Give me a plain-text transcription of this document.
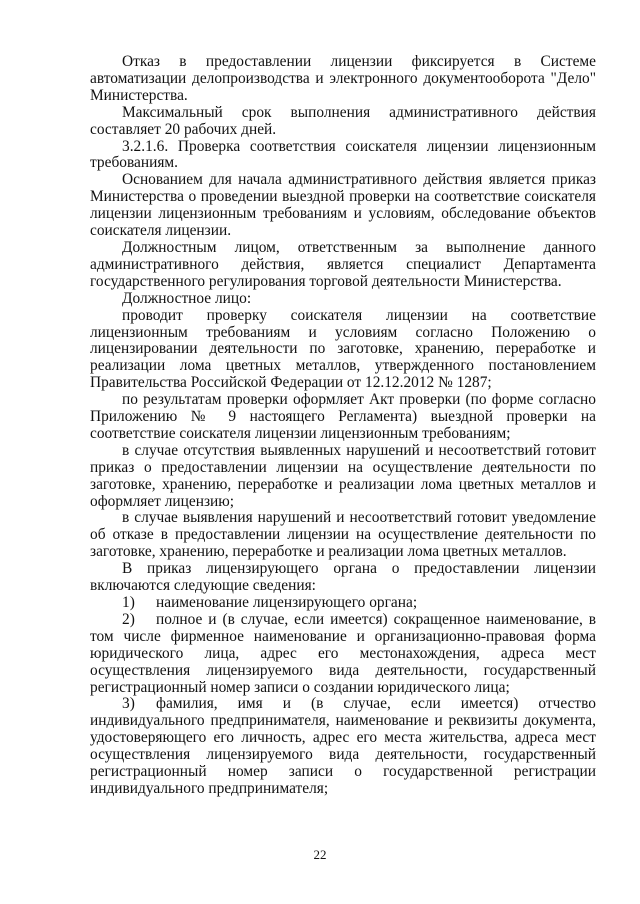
Отказ в предоставлении лицензии фиксируется в Системе автоматизации делопроизводства и электронного документооборота "Дело" Министерства.

Максимальный срок выполнения административного действия составляет 20 рабочих дней.

3.2.1.6. Проверка соответствия соискателя лицензии лицензионным требованиям.

Основанием для начала административного действия является приказ Министерства о проведении выездной проверки на соответствие соискателя лицензии лицензионным требованиям и условиям, обследование объектов соискателя лицензии.

Должностным лицом, ответственным за выполнение данного административного действия, является специалист Департамента государственного регулирования торговой деятельности Министерства.

Должностное лицо:

проводит проверку соискателя лицензии на соответствие лицензионным требованиям и условиям согласно Положению о лицензировании деятельности по заготовке, хранению, переработке и реализации лома цветных металлов, утвержденного постановлением Правительства Российской Федерации от 12.12.2012 № 1287;

по результатам проверки оформляет Акт проверки (по форме согласно Приложению № 9 настоящего Регламента) выездной проверки на соответствие соискателя лицензии лицензионным требованиям;

в случае отсутствия выявленных нарушений и несоответствий готовит приказ о предоставлении лицензии на осуществление деятельности по заготовке, хранению, переработке и реализации лома цветных металлов и оформляет лицензию;

в случае выявления нарушений и несоответствий готовит уведомление об отказе в предоставлении лицензии на осуществление деятельности по заготовке, хранению, переработке и реализации лома цветных металлов.

В приказ лицензирующего органа о предоставлении лицензии включаются следующие сведения:

1) наименование лицензирующего органа;

2) полное и (в случае, если имеется) сокращенное наименование, в том числе фирменное наименование и организационно-правовая форма юридического лица, адрес его местонахождения, адреса мест осуществления лицензируемого вида деятельности, государственный регистрационный номер записи о создании юридического лица;

3) фамилия, имя и (в случае, если имеется) отчество индивидуального предпринимателя, наименование и реквизиты документа, удостоверяющего его личность, адрес его места жительства, адреса мест осуществления лицензируемого вида деятельности, государственный регистрационный номер записи о государственной регистрации индивидуального предпринимателя;

22
